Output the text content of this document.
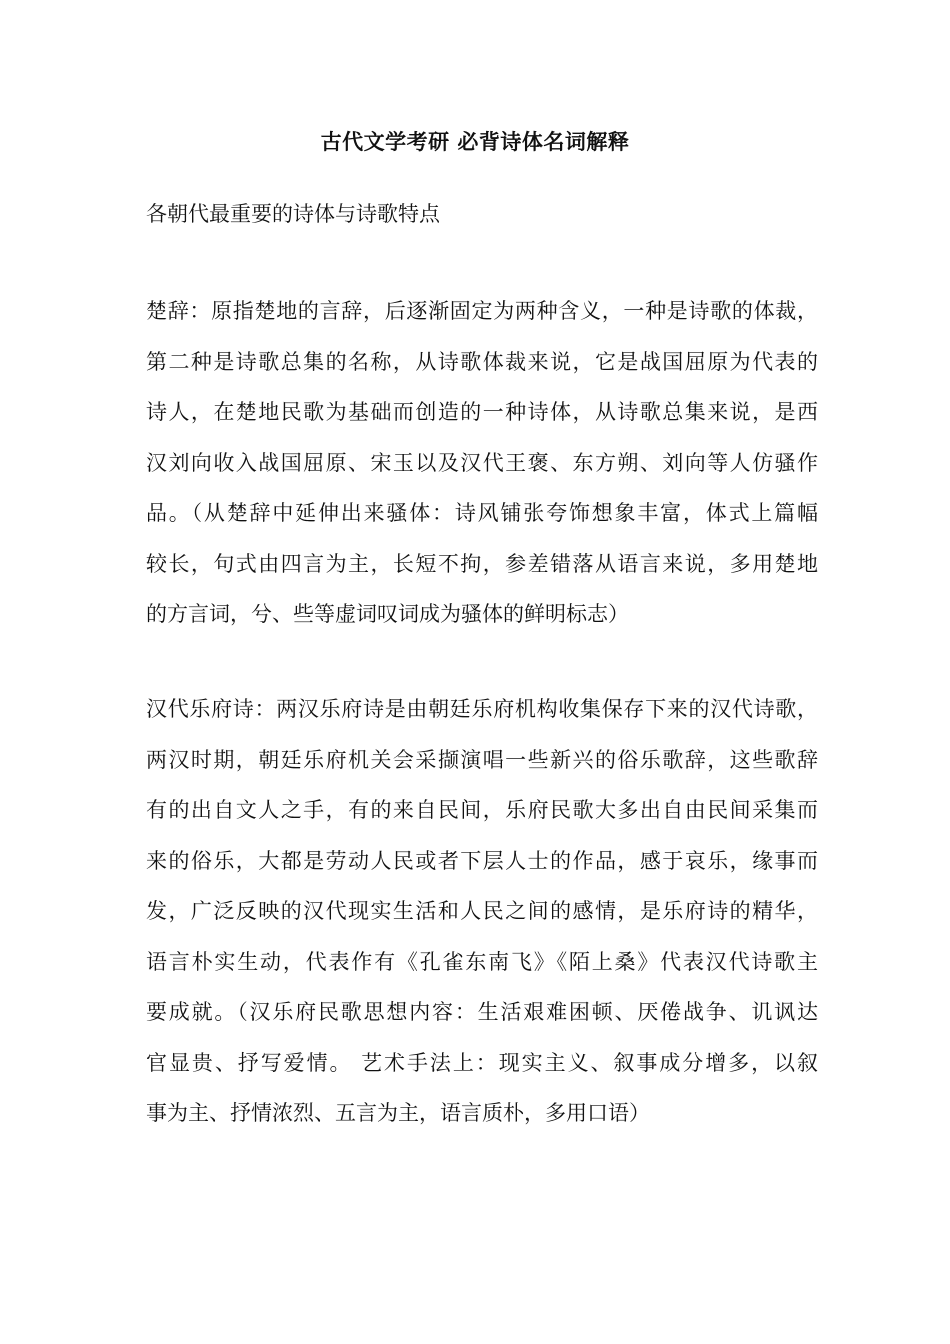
古代文学考研 必背诗体名词解释
各朝代最重要的诗体与诗歌特点
楚辞：原指楚地的言辞，后逐渐固定为两种含义，一种是诗歌的体裁，
第二种是诗歌总集的名称，从诗歌体裁来说，它是战国屈原为代表的
诗人，在楚地民歌为基础而创造的一种诗体，从诗歌总集来说，是西
汉刘向收入战国屈原、宋玉以及汉代王褒、东方朔、刘向等人仿骚作
品。（从楚辞中延伸出来骚体：诗风铺张夸饰想象丰富，体式上篇幅
较长，句式由四言为主，长短不拘，参差错落从语言来说，多用楚地
的方言词，兮、些等虚词叹词成为骚体的鲜明标志）
汉代乐府诗：两汉乐府诗是由朝廷乐府机构收集保存下来的汉代诗歌，
两汉时期，朝廷乐府机关会采撷演唱一些新兴的俗乐歌辞，这些歌辞
有的出自文人之手，有的来自民间，乐府民歌大多出自由民间采集而
来的俗乐，大都是劳动人民或者下层人士的作品，感于哀乐，缘事而
发，广泛反映的汉代现实生活和人民之间的感情，是乐府诗的精华，
语言朴实生动，代表作有《孔雀东南飞》《陌上桑》代表汉代诗歌主
要成就。（汉乐府民歌思想内容：生活艰难困顿、厌倦战争、讥讽达
官显贵、抒写爱情。 艺术手法上：现实主义、叙事成分增多，以叙
事为主、抒情浓烈、五言为主，语言质朴，多用口语）
